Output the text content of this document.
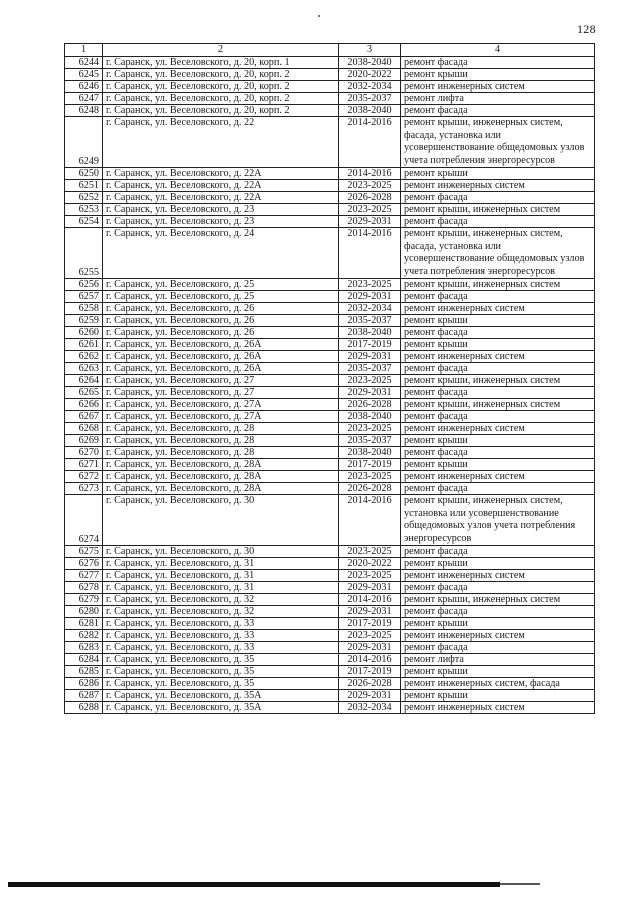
128
1	2	3	4
6244	г. Саранск, ул. Веселовского, д. 20, корп. 1	2038-2040	ремонт фасада
6245	г. Саранск, ул. Веселовского, д. 20, корп. 2	2020-2022	ремонт крыши
6246	г. Саранск, ул. Веселовского, д. 20, корп. 2	2032-2034	ремонт инженерных систем
6247	г. Саранск, ул. Веселовского, д. 20, корп. 2	2035-2037	ремонт лифта
6248	г. Саранск, ул. Веселовского, д. 20, корп. 2	2038-2040	ремонт фасада
6249	г. Саранск, ул. Веселовского, д. 22	2014-2016	ремонт крыши, инженерных систем, фасада, установка или усовершенствование общедомовых узлов учета потребления энергоресурсов
6250	г. Саранск, ул. Веселовского, д. 22А	2014-2016	ремонт крыши
6251	г. Саранск, ул. Веселовского, д. 22А	2023-2025	ремонт инженерных систем
6252	г. Саранск, ул. Веселовского, д. 22А	2026-2028	ремонт фасада
6253	г. Саранск, ул. Веселовского, д. 23	2023-2025	ремонт крыши, инженерных систем
6254	г. Саранск, ул. Веселовского, д. 23	2029-2031	ремонт фасада
6255	г. Саранск, ул. Веселовского, д. 24	2014-2016	ремонт крыши, инженерных систем, фасада, установка или усовершенствование общедомовых узлов учета потребления энергоресурсов
6256	г. Саранск, ул. Веселовского, д. 25	2023-2025	ремонт крыши, инженерных систем
6257	г. Саранск, ул. Веселовского, д. 25	2029-2031	ремонт фасада
6258	г. Саранск, ул. Веселовского, д. 26	2032-2034	ремонт инженерных систем
6259	г. Саранск, ул. Веселовского, д. 26	2035-2037	ремонт крыши
6260	г. Саранск, ул. Веселовского, д. 26	2038-2040	ремонт фасада
6261	г. Саранск, ул. Веселовского, д. 26А	2017-2019	ремонт крыши
6262	г. Саранск, ул. Веселовского, д. 26А	2029-2031	ремонт инженерных систем
6263	г. Саранск, ул. Веселовского, д. 26А	2035-2037	ремонт фасада
6264	г. Саранск, ул. Веселовского, д. 27	2023-2025	ремонт крыши, инженерных систем
6265	г. Саранск, ул. Веселовского, д. 27	2029-2031	ремонт фасада
6266	г. Саранск, ул. Веселовского, д. 27А	2026-2028	ремонт крыши, инженерных систем
6267	г. Саранск, ул. Веселовского, д. 27А	2038-2040	ремонт фасада
6268	г. Саранск, ул. Веселовского, д. 28	2023-2025	ремонт инженерных систем
6269	г. Саранск, ул. Веселовского, д. 28	2035-2037	ремонт крыши
6270	г. Саранск, ул. Веселовского, д. 28	2038-2040	ремонт фасада
6271	г. Саранск, ул. Веселовского, д. 28А	2017-2019	ремонт крыши
6272	г. Саранск, ул. Веселовского, д. 28А	2023-2025	ремонт инженерных систем
6273	г. Саранск, ул. Веселовского, д. 28А	2026-2028	ремонт фасада
6274	г. Саранск, ул. Веселовского, д. 30	2014-2016	ремонт крыши, инженерных систем, установка или усовершенствование общедомовых узлов учета потребления энергоресурсов
6275	г. Саранск, ул. Веселовского, д. 30	2023-2025	ремонт фасада
6276	г. Саранск, ул. Веселовского, д. 31	2020-2022	ремонт крыши
6277	г. Саранск, ул. Веселовского, д. 31	2023-2025	ремонт инженерных систем
6278	г. Саранск, ул. Веселовского, д. 31	2029-2031	ремонт фасада
6279	г. Саранск, ул. Веселовского, д. 32	2014-2016	ремонт крыши, инженерных систем
6280	г. Саранск, ул. Веселовского, д. 32	2029-2031	ремонт фасада
6281	г. Саранск, ул. Веселовского, д. 33	2017-2019	ремонт крыши
6282	г. Саранск, ул. Веселовского, д. 33	2023-2025	ремонт инженерных систем
6283	г. Саранск, ул. Веселовского, д. 33	2029-2031	ремонт фасада
6284	г. Саранск, ул. Веселовского, д. 35	2014-2016	ремонт лифта
6285	г. Саранск, ул. Веселовского, д. 35	2017-2019	ремонт крыши
6286	г. Саранск, ул. Веселовского, д. 35	2026-2028	ремонт инженерных систем, фасада
6287	г. Саранск, ул. Веселовского, д. 35А	2029-2031	ремонт крыши
6288	г. Саранск, ул. Веселовского, д. 35А	2032-2034	ремонт инженерных систем
